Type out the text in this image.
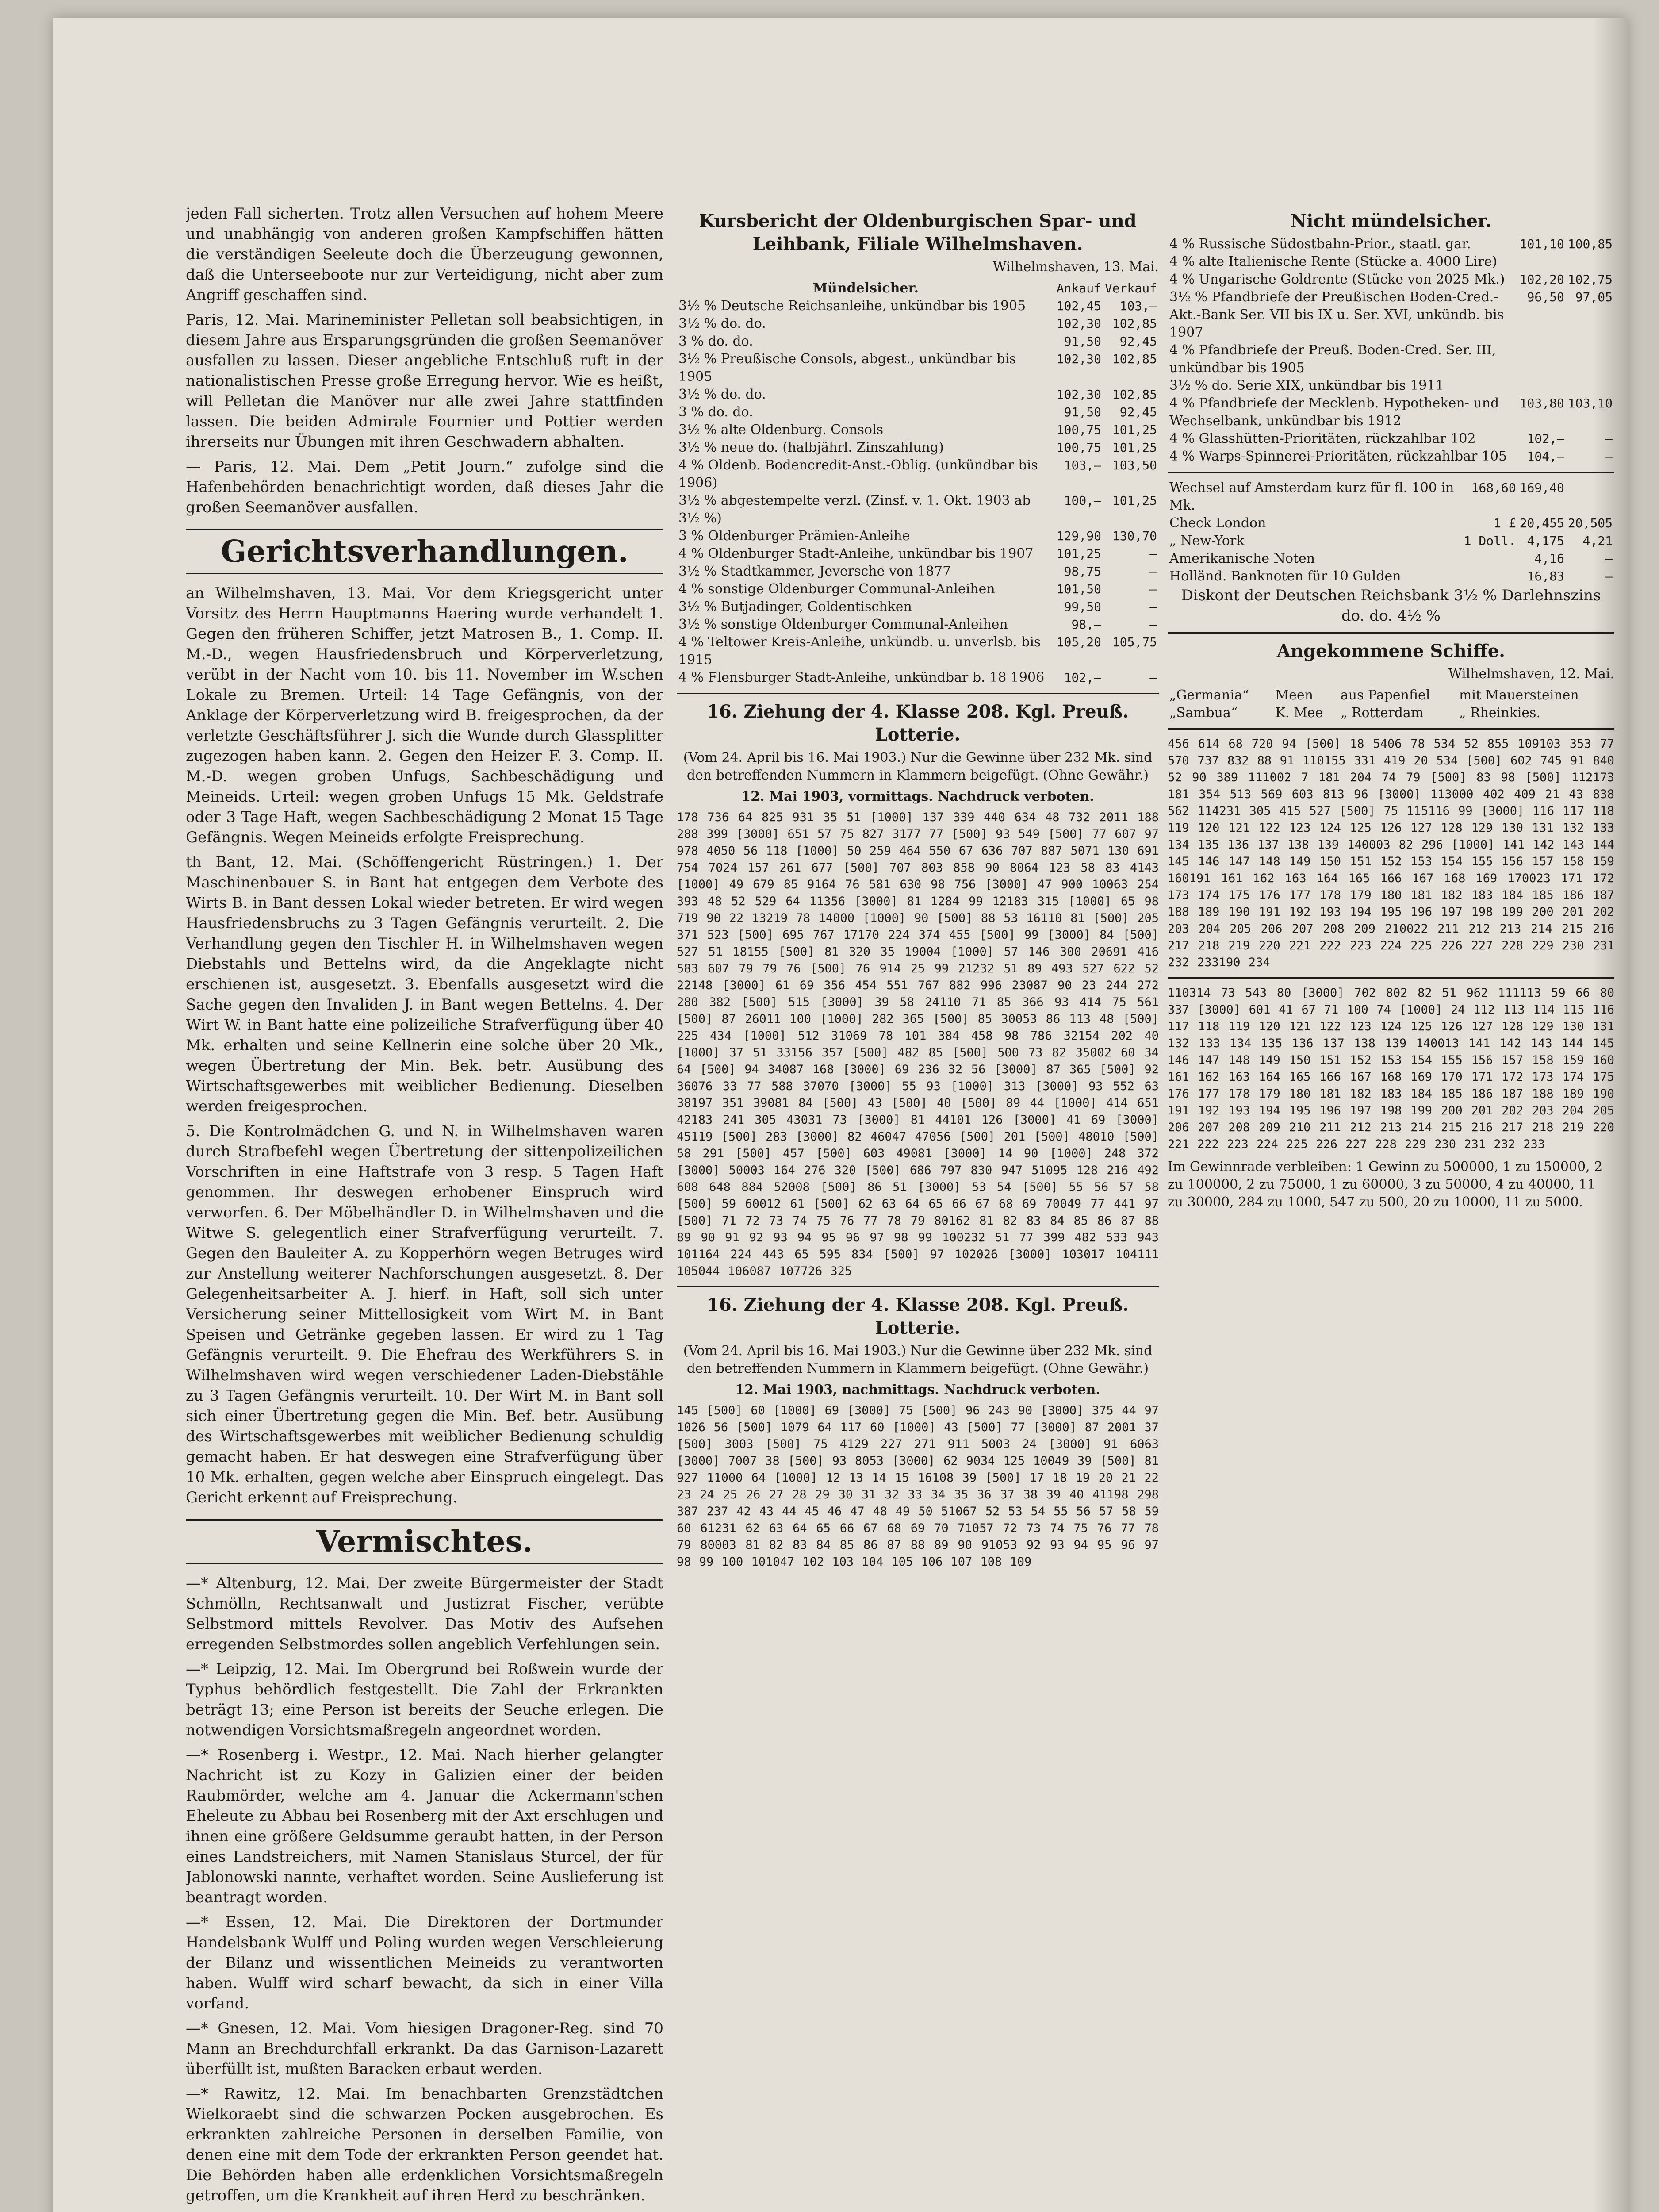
jeden Fall sicherten. Trotz allen Versuchen auf hohem Meere und unabhängig von anderen großen Kampfschiffen hätten die verständigen Seeleute doch die Überzeugung gewonnen, daß die Unterseeboote nur zur Verteidigung, nicht aber zum Angriff geschaffen sind.

Paris, 12. Mai. Marineminister Pelletan soll beabsichtigen, in diesem Jahre aus Ersparungsgründen die großen Seemanöver ausfallen zu lassen. Dieser angebliche Entschluß ruft in der nationalistischen Presse große Erregung hervor. Wie es heißt, will Pelletan die Manöver nur alle zwei Jahre stattfinden lassen. Die beiden Admirale Fournier und Pottier werden ihrerseits nur Übungen mit ihren Geschwadern abhalten.

— Paris, 12. Mai. Dem „Petit Journ.“ zufolge sind die Hafenbehörden benachrichtigt worden, daß dieses Jahr die großen Seemanöver ausfallen.

Gerichtsverhandlungen.

an Wilhelmshaven, 13. Mai. Vor dem Kriegsgericht unter Vorsitz des Herrn Hauptmanns Haering wurde verhandelt 1. Gegen den früheren Schiffer, jetzt Matrosen B., 1. Comp. II. M.-D., wegen Hausfriedensbruch und Körperverletzung, verübt in der Nacht vom 10. bis 11. November im W.schen Lokale zu Bremen. Urteil: 14 Tage Gefängnis, von der Anklage der Körperverletzung wird B. freigesprochen, da der verletzte Geschäftsführer J. sich die Wunde durch Glassplitter zugezogen haben kann. 2. Gegen den Heizer F. 3. Comp. II. M.-D. wegen groben Unfugs, Sachbeschädigung und Meineids. Urteil: wegen groben Unfugs 15 Mk. Geldstrafe oder 3 Tage Haft, wegen Sachbeschädigung 2 Monat 15 Tage Gefängnis. Wegen Meineids erfolgte Freisprechung.

th Bant, 12. Mai. (Schöffengericht Rüstringen.) 1. Der Maschinenbauer S. in Bant hat entgegen dem Verbote des Wirts B. in Bant dessen Lokal wieder betreten. Er wird wegen Hausfriedensbruchs zu 3 Tagen Gefängnis verurteilt. 2. Die Verhandlung gegen den Tischler H. in Wilhelmshaven wegen Diebstahls und Bettelns wird, da die Angeklagte nicht erschienen ist, ausgesetzt. 3. Ebenfalls ausgesetzt wird die Sache gegen den Invaliden J. in Bant wegen Bettelns. 4. Der Wirt W. in Bant hatte eine polizeiliche Strafverfügung über 40 Mk. erhalten und seine Kellnerin eine solche über 20 Mk., wegen Übertretung der Min. Bek. betr. Ausübung des Wirtschaftsgewerbes mit weiblicher Bedienung. Dieselben werden freigesprochen.

5. Die Kontrolmädchen G. und N. in Wilhelmshaven waren durch Strafbefehl wegen Übertretung der sittenpolizeilichen Vorschriften in eine Haftstrafe von 3 resp. 5 Tagen Haft genommen. Ihr deswegen erhobener Einspruch wird verworfen. 6. Der Möbelhändler D. in Wilhelmshaven und die Witwe S. gelegentlich einer Strafverfügung verurteilt. 7. Gegen den Bauleiter A. zu Kopperhörn wegen Betruges wird zur Anstellung weiterer Nachforschungen ausgesetzt. 8. Der Gelegenheitsarbeiter A. J. hierf. in Haft, soll sich unter Versicherung seiner Mittellosigkeit vom Wirt M. in Bant Speisen und Getränke gegeben lassen. Er wird zu 1 Tag Gefängnis verurteilt. 9. Die Ehefrau des Werkführers S. in Wilhelmshaven wird wegen verschiedener Laden-Diebstähle zu 3 Tagen Gefängnis verurteilt. 10. Der Wirt M. in Bant soll sich einer Übertretung gegen die Min. Bef. betr. Ausübung des Wirtschaftsgewerbes mit weiblicher Bedienung schuldig gemacht haben. Er hat deswegen eine Strafverfügung über 10 Mk. erhalten, gegen welche aber Einspruch eingelegt. Das Gericht erkennt auf Freisprechung.

Vermischtes.

—* Altenburg, 12. Mai. Der zweite Bürgermeister der Stadt Schmölln, Rechtsanwalt und Justizrat Fischer, verübte Selbstmord mittels Revolver. Das Motiv des Aufsehen erregenden Selbstmordes sollen angeblich Verfehlungen sein.

—* Leipzig, 12. Mai. Im Obergrund bei Roßwein wurde der Typhus behördlich festgestellt. Die Zahl der Erkrankten beträgt 13; eine Person ist bereits der Seuche erlegen. Die notwendigen Vorsichtsmaßregeln angeordnet worden.

—* Rosenberg i. Westpr., 12. Mai. Nach hierher gelangter Nachricht ist zu Kozy in Galizien einer der beiden Raubmörder, welche am 4. Januar die Ackermann'schen Eheleute zu Abbau bei Rosenberg mit der Axt erschlugen und ihnen eine größere Geldsumme geraubt hatten, in der Person eines Landstreichers, mit Namen Stanislaus Sturcel, der für Jablonowski nannte, verhaftet worden. Seine Auslieferung ist beantragt worden.

—* Essen, 12. Mai. Die Direktoren der Dortmunder Handelsbank Wulff und Poling wurden wegen Verschleierung der Bilanz und wissentlichen Meineids zu verantworten haben. Wulff wird scharf bewacht, da sich in einer Villa vorfand.

—* Gnesen, 12. Mai. Vom hiesigen Dragoner-Reg. sind 70 Mann an Brechdurchfall erkrankt. Da das Garnison-Lazarett überfüllt ist, mußten Baracken erbaut werden.

—* Rawitz, 12. Mai. Im benachbarten Grenzstädtchen Wielkoraebt sind die schwarzen Pocken ausgebrochen. Es erkrankten zahlreiche Personen in derselben Familie, von denen eine mit dem Tode der erkrankten Person geendet hat. Die Behörden haben alle erdenklichen Vorsichtsmaßregeln getroffen, um die Krankheit auf ihren Herd zu beschränken.

Kursbericht der Oldenburgischen Spar- und Leihbank, Filiale Wilhelmshaven.
Wilhelmshaven, 13. Mai.
Mündelsicher.	Ankauf	Verkauf
3½ % Deutsche Reichsanleihe, unkündbar bis 1905	102,45	103,—
3½ % do. do.	102,30	102,85
3 % do. do.	91,50	92,45
3½ % Preußische Consols, abgest., unkündbar bis 1905	102,30	102,85
3½ % do. do.	102,30	102,85
3 % do. do.	91,50	92,45
3½ % alte Oldenburg. Consols	100,75	101,25
3½ % neue do. (halbjährl. Zinszahlung)	100,75	101,25
4 % Oldenb. Bodencredit-Anst.-Oblig. (unkündbar bis 1906)	103,—	103,50
3½ % abgestempelte verzl. (Zinsf. v. 1. Okt. 1903 ab 3½ %)	100,—	101,25
3 % Oldenburger Prämien-Anleihe	129,90	130,70
4 % Oldenburger Stadt-Anleihe, unkündbar bis 1907	101,25	—
3½ % Stadtkammer, Jeversche von 1877	98,75	—
4 % sonstige Oldenburger Communal-Anleihen	101,50	—
3½ % Butjadinger, Goldentischken	99,50	—
3½ % sonstige Oldenburger Communal-Anleihen	98,—	—
4 % Teltower Kreis-Anleihe, unkündb. u. unverlsb. bis 1915	105,20	105,75
4 % Flensburger Stadt-Anleihe, unkündbar b. 18 1906	102,—	—
16. Ziehung der 4. Klasse 208. Kgl. Preuß. Lotterie.
(Vom 24. April bis 16. Mai 1903.) Nur die Gewinne über 232 Mk. sind den betreffenden Nummern in Klammern beigefügt. (Ohne Gewähr.)
12. Mai 1903, vormittags. Nachdruck verboten.

178 736 64 825 931 35 51 [1000] 137 339 440 634 48 732 2011 188 288 399 [3000] 651 57 75 827 3177 77 [500] 93 549 [500] 77 607 97 978 4050 56 118 [1000] 50 259 464 550 67 636 707 887 5071 130 691 754 7024 157 261 677 [500] 707 803 858 90 8064 123 58 83 4143 [1000] 49 679 85 9164 76 581 630 98 756 [3000] 47 900 10063 254 393 48 52 529 64 11356 [3000] 81 1284 99 12183 315 [1000] 65 98 719 90 22 13219 78 14000 [1000] 90 [500] 88 53 16110 81 [500] 205 371 523 [500] 695 767 17170 224 374 455 [500] 99 [3000] 84 [500] 527 51 18155 [500] 81 320 35 19004 [1000] 57 146 300 20691 416 583 607 79 79 76 [500] 76 914 25 99 21232 51 89 493 527 622 52 22148 [3000] 61 69 356 454 551 767 882 996 23087 90 23 244 272 280 382 [500] 515 [3000] 39 58 24110 71 85 366 93 414 75 561 [500] 87 26011 100 [1000] 282 365 [500] 85 30053 86 113 48 [500] 225 434 [1000] 512 31069 78 101 384 458 98 786 32154 202 40 [1000] 37 51 33156 357 [500] 482 85 [500] 500 73 82 35002 60 34 64 [500] 94 34087 168 [3000] 69 236 32 56 [3000] 87 365 [500] 92 36076 33 77 588 37070 [3000] 55 93 [1000] 313 [3000] 93 552 63 38197 351 39081 84 [500] 43 [500] 40 [500] 89 44 [1000] 414 651 42183 241 305 43031 73 [3000] 81 44101 126 [3000] 41 69 [3000] 45119 [500] 283 [3000] 82 46047 47056 [500] 201 [500] 48010 [500] 58 291 [500] 457 [500] 603 49081 [3000] 14 90 [1000] 248 372 [3000] 50003 164 276 320 [500] 686 797 830 947 51095 128 216 492 608 648 884 52008 [500] 86 51 [3000] 53 54 [500] 55 56 57 58 [500] 59 60012 61 [500] 62 63 64 65 66 67 68 69 70049 77 441 97 [500] 71 72 73 74 75 76 77 78 79 80162 81 82 83 84 85 86 87 88 89 90 91 92 93 94 95 96 97 98 99 100232 51 77 399 482 533 943 101164 224 443 65 595 834 [500] 97 102026 [3000] 103017 104111 105044 106087 107726 325

16. Ziehung der 4. Klasse 208. Kgl. Preuß. Lotterie.
(Vom 24. April bis 16. Mai 1903.) Nur die Gewinne über 232 Mk. sind den betreffenden Nummern in Klammern beigefügt. (Ohne Gewähr.)
12. Mai 1903, nachmittags. Nachdruck verboten.

145 [500] 60 [1000] 69 [3000] 75 [500] 96 243 90 [3000] 375 44 97 1026 56 [500] 1079 64 117 60 [1000] 43 [500] 77 [3000] 87 2001 37 [500] 3003 [500] 75 4129 227 271 911 5003 24 [3000] 91 6063 [3000] 7007 38 [500] 93 8053 [3000] 62 9034 125 10049 39 [500] 81 927 11000 64 [1000] 12 13 14 15 16108 39 [500] 17 18 19 20 21 22 23 24 25 26 27 28 29 30 31 32 33 34 35 36 37 38 39 40 41198 298 387 237 42 43 44 45 46 47 48 49 50 51067 52 53 54 55 56 57 58 59 60 61231 62 63 64 65 66 67 68 69 70 71057 72 73 74 75 76 77 78 79 80003 81 82 83 84 85 86 87 88 89 90 91053 92 93 94 95 96 97 98 99 100 101047 102 103 104 105 106 107 108 109

Nicht mündelsicher.
4 % Russische Südostbahn-Prior., staatl. gar.	101,10	100,85
4 % alte Italienische Rente (Stücke a. 4000 Lire)		
4 % Ungarische Goldrente (Stücke von 2025 Mk.)	102,20	102,75
3½ % Pfandbriefe der Preußischen Boden-Cred.-Akt.-Bank Ser. VII bis IX u. Ser. XVI, unkündb. bis 1907	96,50	97,05
4 % Pfandbriefe der Preuß. Boden-Cred. Ser. III, unkündbar bis 1905		
3½ % do. Serie XIX, unkündbar bis 1911		
4 % Pfandbriefe der Mecklenb. Hypotheken- und Wechselbank, unkündbar bis 1912	103,80	103,10
4 % Glasshütten-Prioritäten, rückzahlbar 102	102,—	—
4 % Warps-Spinnerei-Prioritäten, rückzahlbar 105	104,—	—
Wechsel auf Amsterdam kurz für fl. 100 in Mk.	168,60	169,40	
Check London	1 £	20,455	20,505
„ New-York	1 Doll.	4,175	4,21
Amerikanische Noten		4,16	—
Holländ. Banknoten für 10 Gulden		16,83	—

Diskont der Deutschen Reichsbank 3½ % Darlehnszins do. do. 4½ %

Angekommene Schiffe.
Wilhelmshaven, 12. Mai.
„Germania“	Meen	aus Papenfiel	mit Mauersteinen
„Sambua“	K. Mee	„ Rotterdam	„ Rheinkies.

456 614 68 720 94 [500] 18 5406 78 534 52 855 109103 353 77 570 737 832 88 91 110155 331 419 20 534 [500] 602 745 91 840 52 90 389 111002 7 181 204 74 79 [500] 83 98 [500] 112173 181 354 513 569 603 813 96 [3000] 113000 402 409 21 43 838 562 114231 305 415 527 [500] 75 115116 99 [3000] 116 117 118 119 120 121 122 123 124 125 126 127 128 129 130 131 132 133 134 135 136 137 138 139 140003 82 296 [1000] 141 142 143 144 145 146 147 148 149 150 151 152 153 154 155 156 157 158 159 160191 161 162 163 164 165 166 167 168 169 170023 171 172 173 174 175 176 177 178 179 180 181 182 183 184 185 186 187 188 189 190 191 192 193 194 195 196 197 198 199 200 201 202 203 204 205 206 207 208 209 210022 211 212 213 214 215 216 217 218 219 220 221 222 223 224 225 226 227 228 229 230 231 232 233190 234

110314 73 543 80 [3000] 702 802 82 51 962 111113 59 66 80 337 [3000] 601 41 67 71 100 74 [1000] 24 112 113 114 115 116 117 118 119 120 121 122 123 124 125 126 127 128 129 130 131 132 133 134 135 136 137 138 139 140013 141 142 143 144 145 146 147 148 149 150 151 152 153 154 155 156 157 158 159 160 161 162 163 164 165 166 167 168 169 170 171 172 173 174 175 176 177 178 179 180 181 182 183 184 185 186 187 188 189 190 191 192 193 194 195 196 197 198 199 200 201 202 203 204 205 206 207 208 209 210 211 212 213 214 215 216 217 218 219 220 221 222 223 224 225 226 227 228 229 230 231 232 233

Im Gewinnrade verbleiben: 1 Gewinn zu 500000, 1 zu 150000, 2 zu 100000, 2 zu 75000, 1 zu 60000, 3 zu 50000, 4 zu 40000, 11 zu 30000, 284 zu 1000, 547 zu 500, 20 zu 10000, 11 zu 5000.
